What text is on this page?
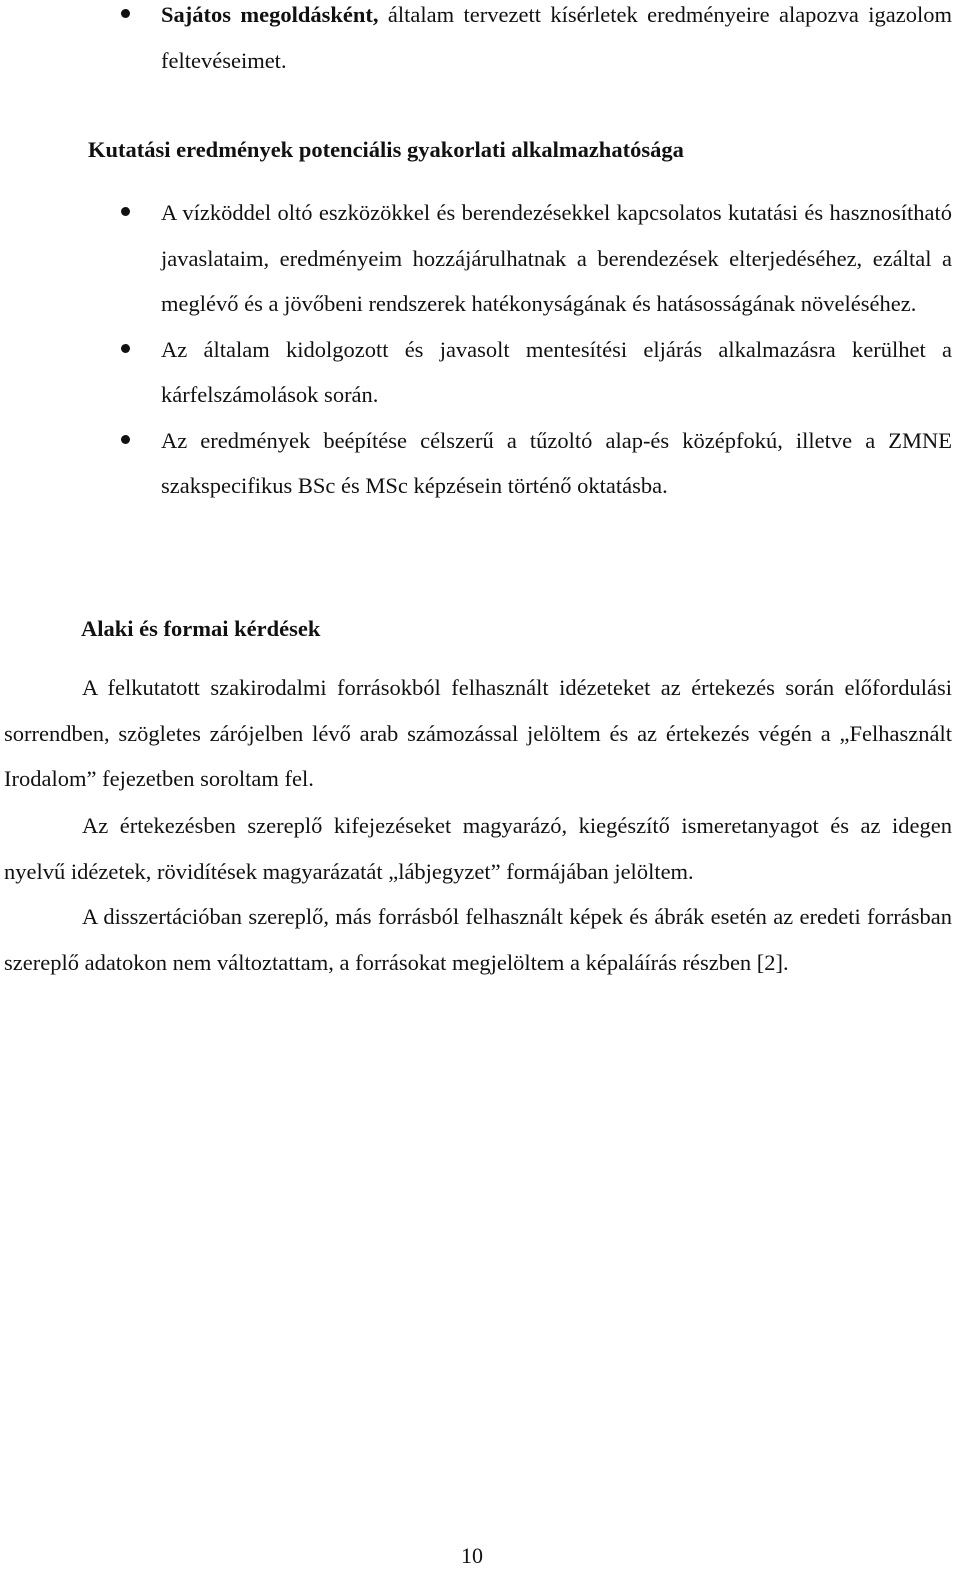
Sajátos megoldásként, általam tervezett kísérletek eredményeire alapozva igazolom feltevéseimet.
Kutatási eredmények potenciális gyakorlati alkalmazhatósága
A vízköddel oltó eszközökkel és berendezésekkel kapcsolatos kutatási és hasznosítható javaslataim, eredményeim hozzájárulhatnak a berendezések elterjedéséhez, ezáltal a meglévő és a jövőbeni rendszerek hatékonyságának és hatásosságának növeléséhez.
Az általam kidolgozott és javasolt mentesítési eljárás alkalmazásra kerülhet a kárfelszámolások során.
Az eredmények beépítése célszerű a tűzoltó alap-és középfokú, illetve a ZMNE szakspecifikus BSc és MSc képzésein történő oktatásba.
Alaki és formai kérdések

A felkutatott szakirodalmi forrásokból felhasznált idézeteket az értekezés során előfordulási sorrendben, szögletes zárójelben lévő arab számozással jelöltem és az értekezés végén a „Felhasznált Irodalom” fejezetben soroltam fel.

Az értekezésben szereplő kifejezéseket magyarázó, kiegészítő ismeretanyagot és az idegen nyelvű idézetek, rövidítések magyarázatát „lábjegyzet” formájában jelöltem.

A disszertációban szereplő, más forrásból felhasznált képek és ábrák esetén az eredeti forrásban szereplő adatokon nem változtattam, a forrásokat megjelöltem a képaláírás részben [2].

10
